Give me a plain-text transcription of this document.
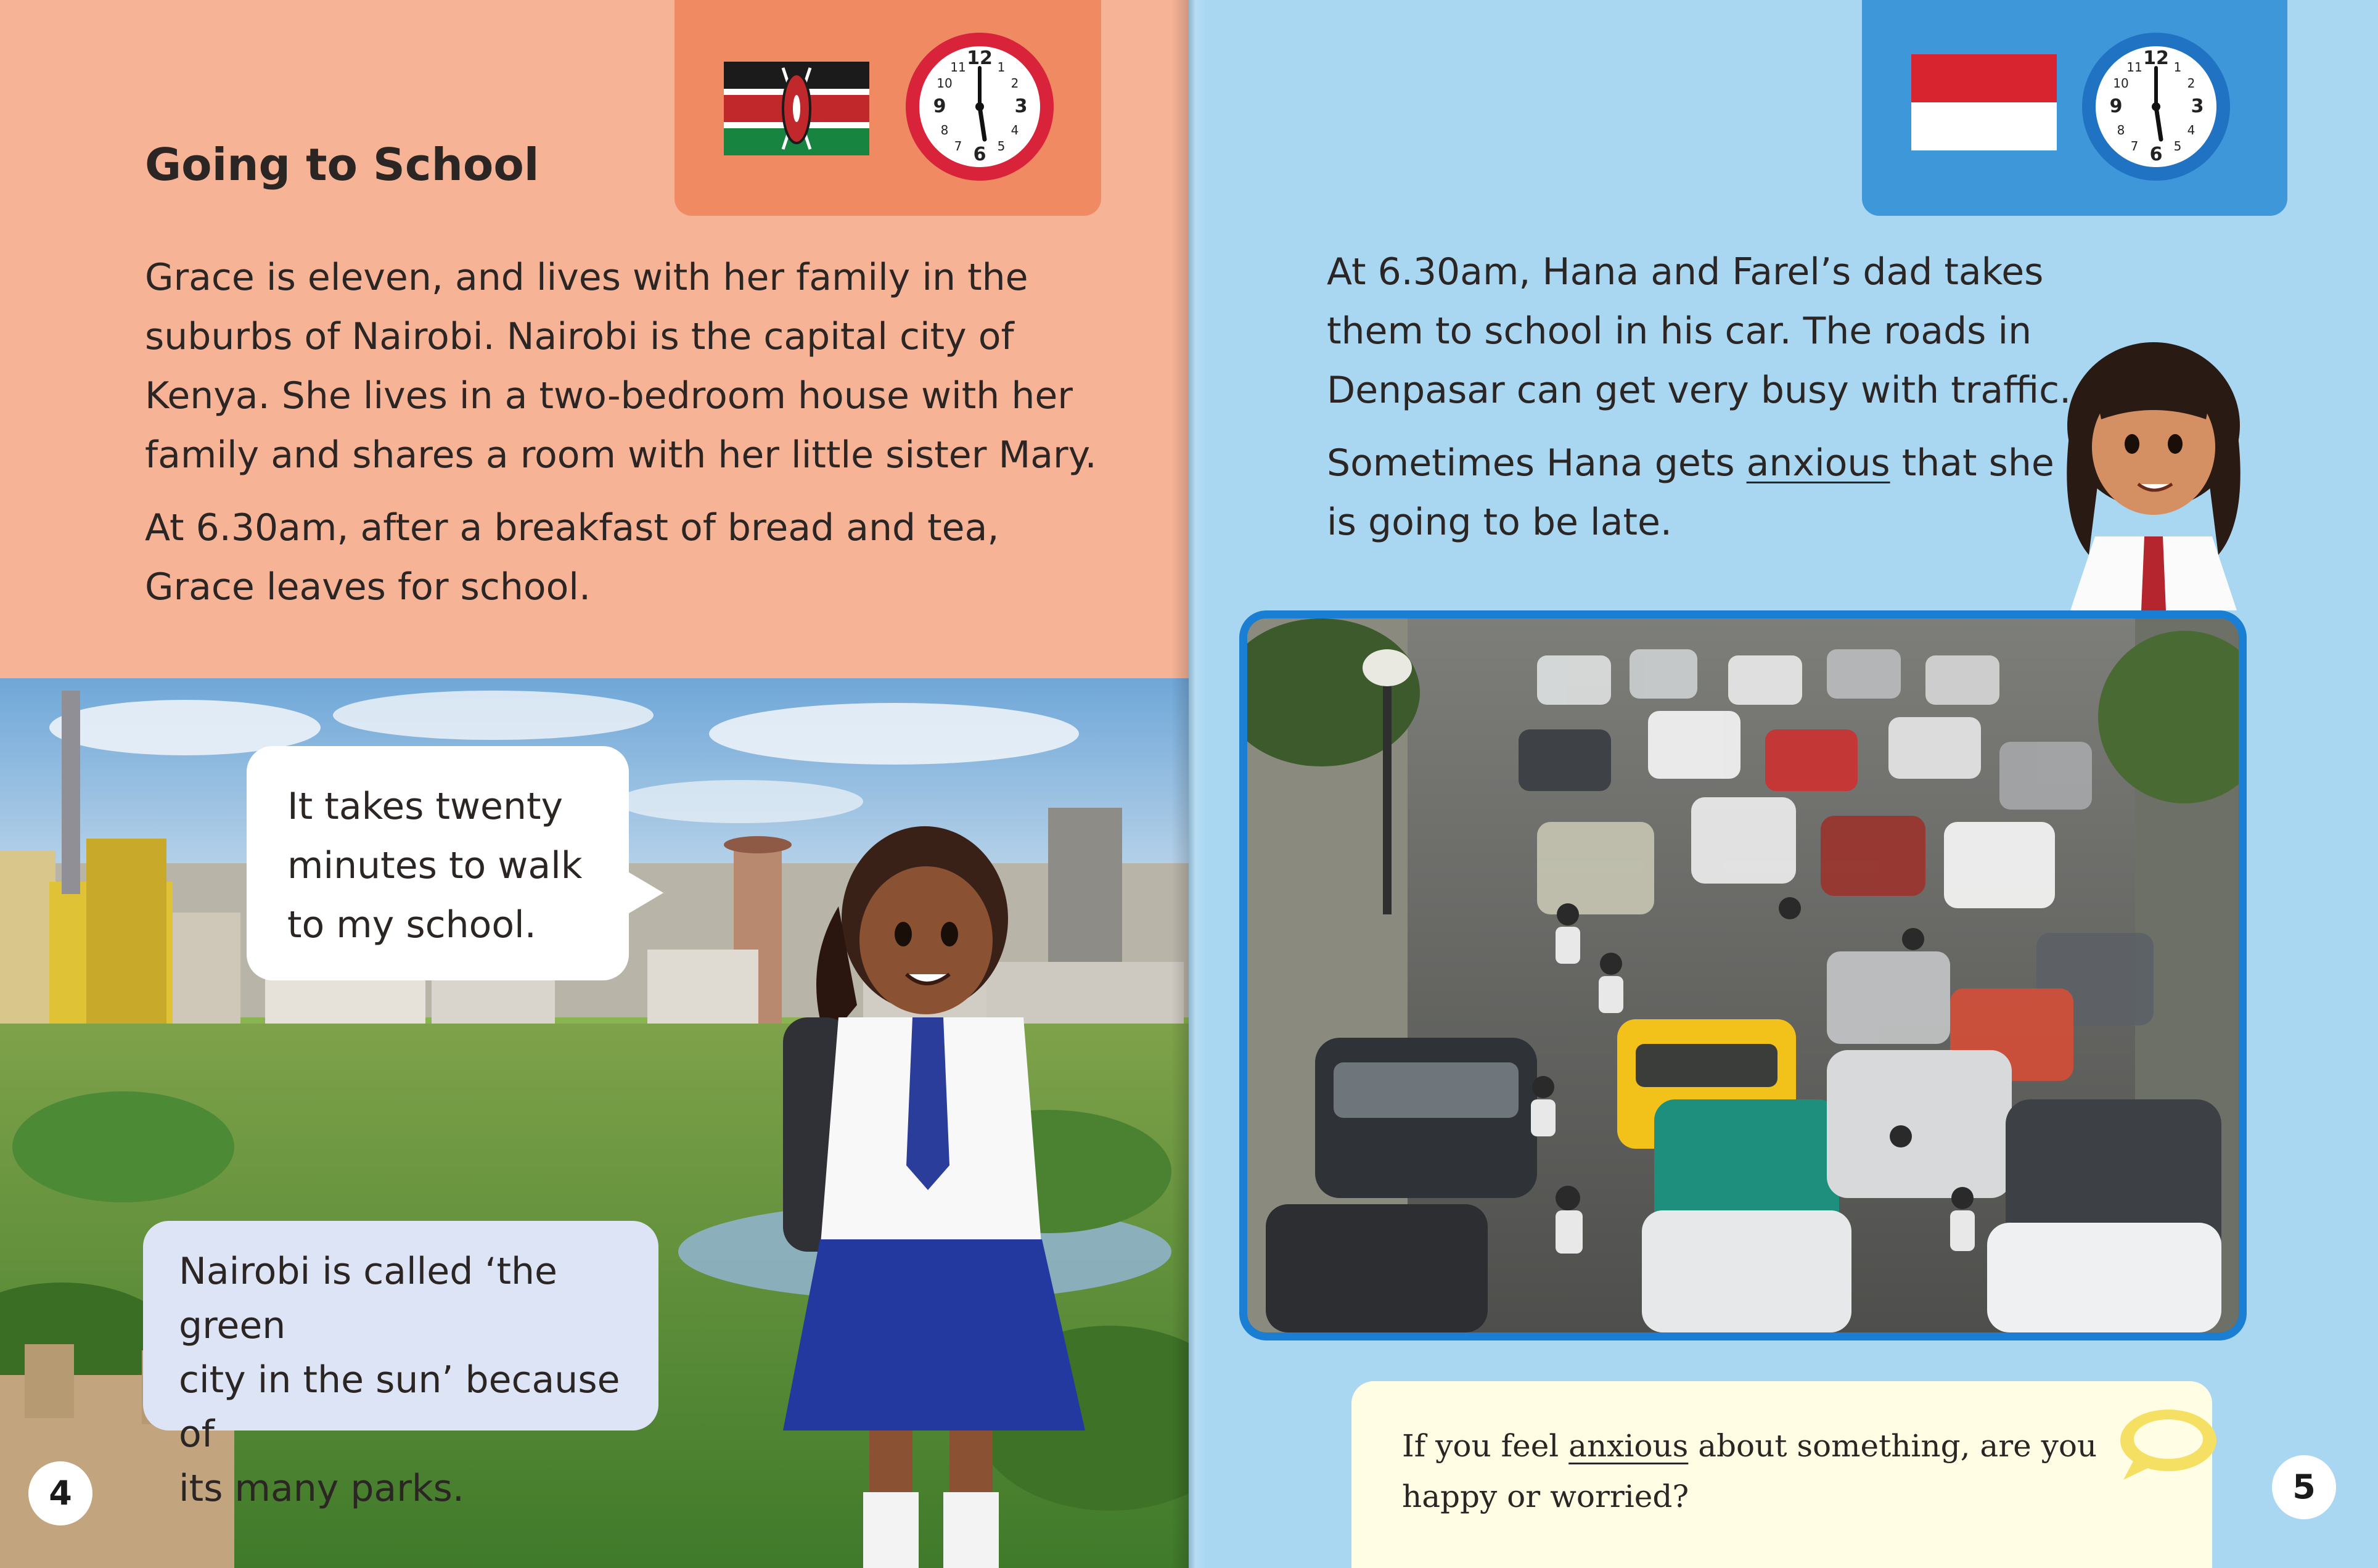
12 1
2
3
4
5
6
7
8
9
10
11
Going to School

Grace is eleven, and lives with her family in the
suburbs of Nairobi. Nairobi is the capital city of
Kenya. She lives in a two-bedroom house with her
family and shares a room with her little sister Mary.

At 6.30am, after a breakfast of bread and tea,
Grace leaves for school.

It takes twenty
minutes to walk
to my school.
Nairobi is called ‘the green
city in the sun’ because of
its many parks.
4
12 1
2
3
4
5
6
7
8
9
10
11

At 6.30am, Hana and Farel’s dad takes
them to school in his car. The roads in
Denpasar can get very busy with traffic.

Sometimes Hana gets anxious that she
is going to be late.

If you feel anxious about something, are you
happy or worried?	5
